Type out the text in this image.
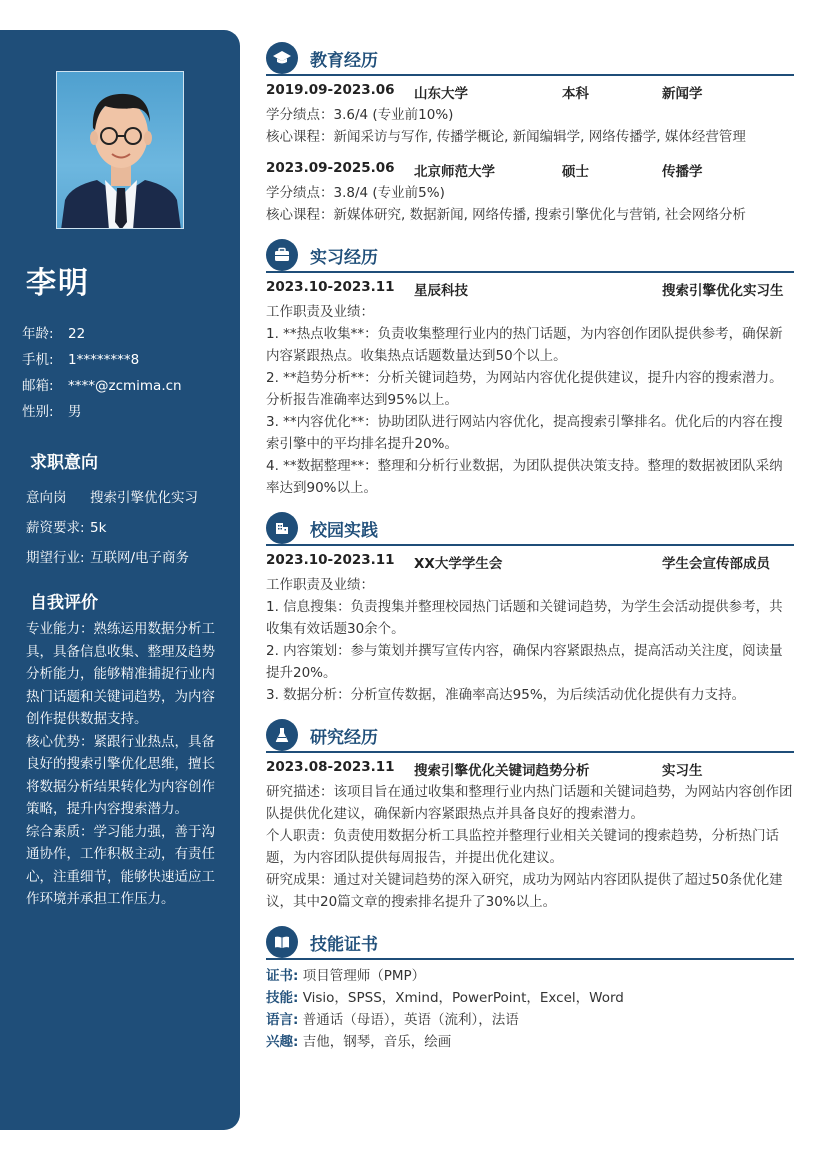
李明
年龄: 22
手机: 1********8
邮箱: ****@zcmima.cn
性别: 男
求职意向
意向岗 搜索引擎优化实习
薪资要求: 5k
期望行业: 互联网/电子商务
自我评价

专业能力：熟练运用数据分析工具，具备信息收集、整理及趋势分析能力，能够精准捕捉行业内热门话题和关键词趋势，为内容创作提供数据支持。

核心优势：紧跟行业热点，具备良好的搜索引擎优化思维，擅长将数据分析结果转化为内容创作策略，提升内容搜索潜力。

综合素质：学习能力强，善于沟通协作，工作积极主动，有责任心，注重细节，能够快速适应工作环境并承担工作压力。

教育经历
2019.09-2023.06 山东大学	本科	新闻学

学分绩点：3.6/4 (专业前10%)

核心课程：新闻采访与写作, 传播学概论, 新闻编辑学, 网络传播学, 媒体经营管理

2023.09-2025.06 北京师范大学	硕士	传播学

学分绩点：3.8/4 (专业前5%)

核心课程：新媒体研究, 数据新闻, 网络传播, 搜索引擎优化与营销, 社会网络分析

实习经历
2023.10-2023.11 星辰科技	搜索引擎优化实习生

工作职责及业绩：

1. **热点收集**：负责收集整理行业内的热门话题，为内容创作团队提供参考，确保新内容紧跟热点。收集热点话题数量达到50个以上。

2. **趋势分析**：分析关键词趋势，为网站内容优化提供建议，提升内容的搜索潜力。分析报告准确率达到95%以上。

3. **内容优化**：协助团队进行网站内容优化，提高搜索引擎排名。优化后的内容在搜索引擎中的平均排名提升20%。

4. **数据整理**：整理和分析行业数据，为团队提供决策支持。整理的数据被团队采纳率达到90%以上。

校园实践
2023.10-2023.11 XX大学学生会	学生会宣传部成员

工作职责及业绩：

1. 信息搜集：负责搜集并整理校园热门话题和关键词趋势，为学生会活动提供参考，共收集有效话题30余个。

2. 内容策划：参与策划并撰写宣传内容，确保内容紧跟热点，提高活动关注度，阅读量提升20%。

3. 数据分析：分析宣传数据，准确率高达95%，为后续活动优化提供有力支持。

研究经历
2023.08-2023.11 搜索引擎优化关键词趋势分析	实习生

研究描述：该项目旨在通过收集和整理行业内热门话题和关键词趋势，为网站内容创作团队提供优化建议，确保新内容紧跟热点并具备良好的搜索潜力。

个人职责：负责使用数据分析工具监控并整理行业相关关键词的搜索趋势，分析热门话题，为内容团队提供每周报告，并提出优化建议。

研究成果：通过对关键词趋势的深入研究，成功为网站内容团队提供了超过50条优化建议，其中20篇文章的搜索排名提升了30%以上。

技能证书

证书: 项目管理师（PMP）

技能: Visio，SPSS，Xmind，PowerPoint，Excel，Word

语言: 普通话（母语），英语（流利），法语

兴趣: 吉他，钢琴，音乐，绘画
